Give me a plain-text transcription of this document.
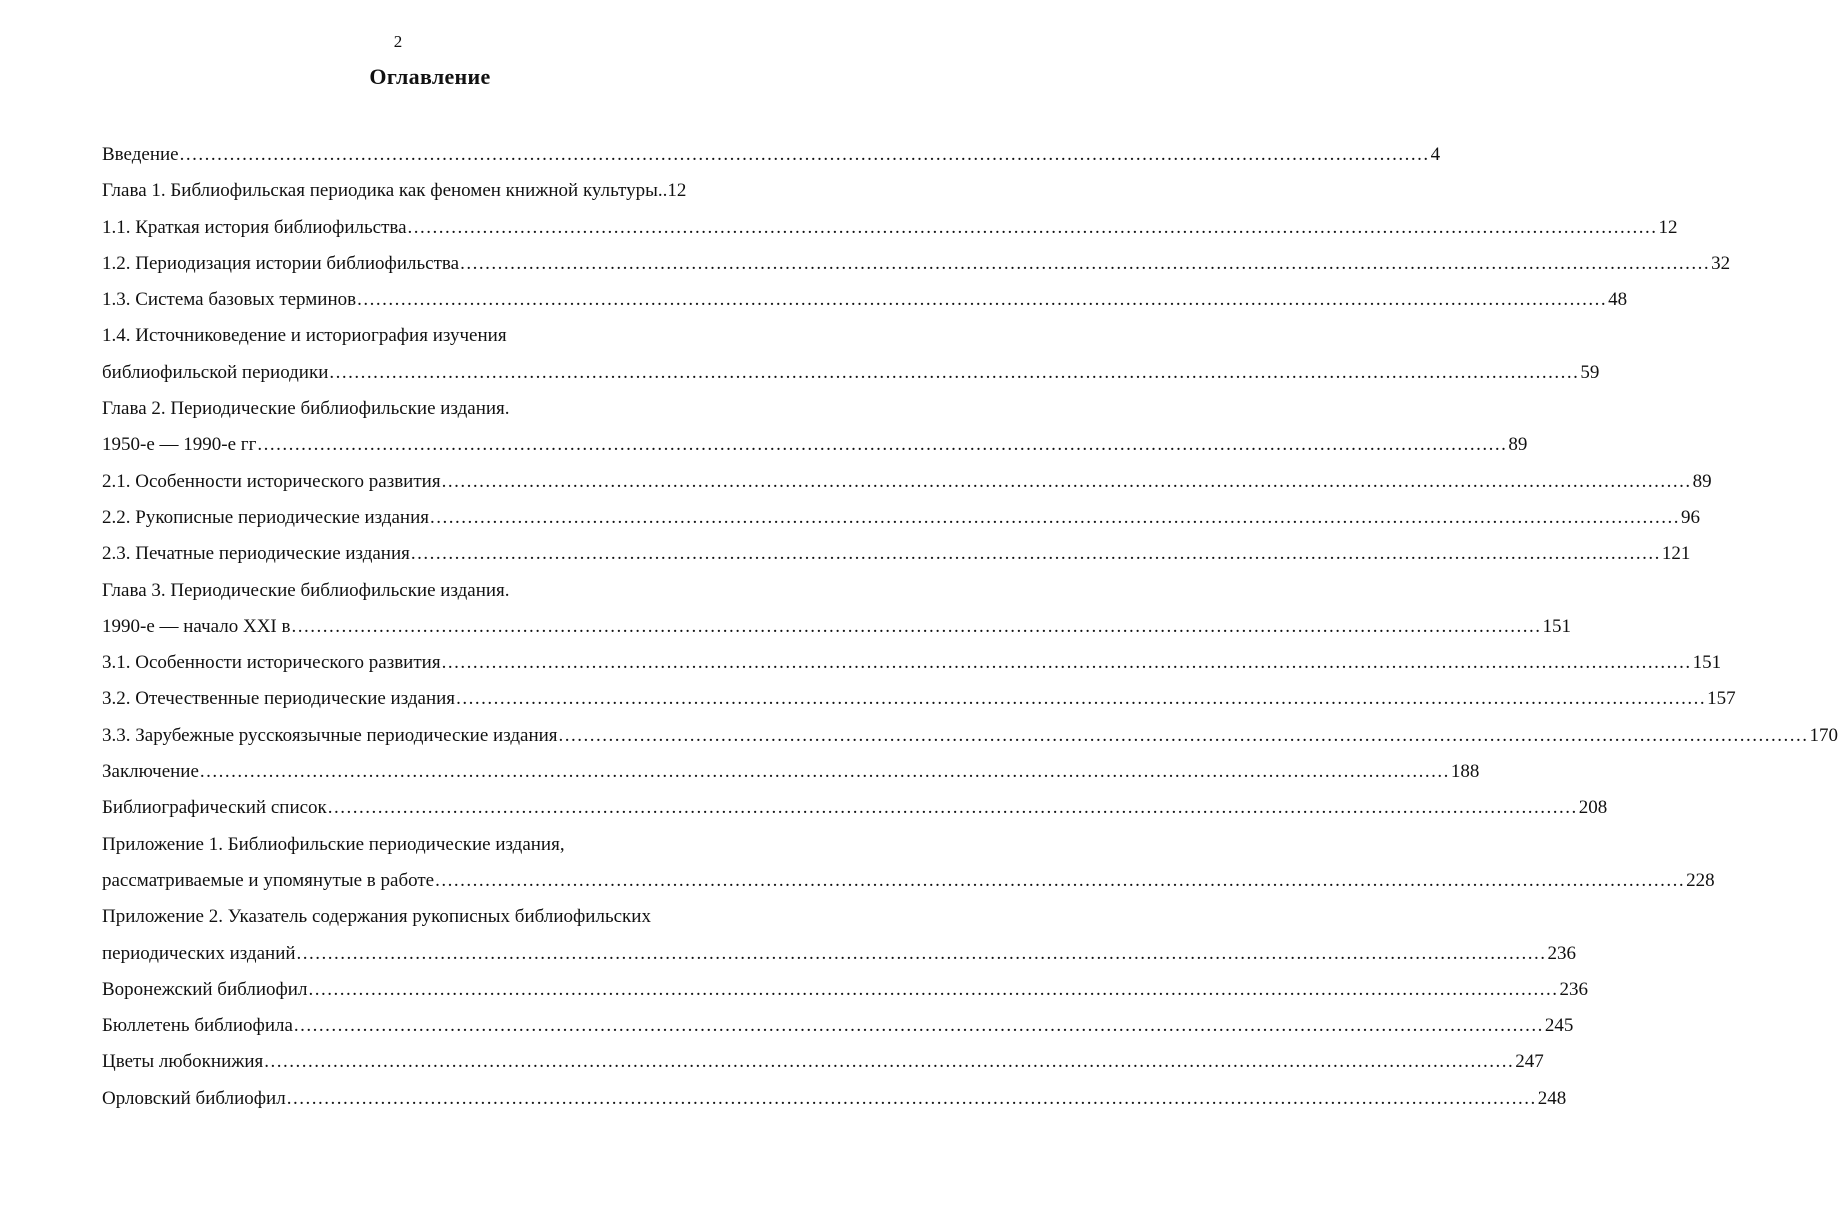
2
Оглавление
Введение ........................................................................................................................................................................................................ 4
Глава 1. Библиофильская периодика как феномен книжной культуры..12
1.1. Краткая история библиофильства ........................................................................................................................................................................................................ 12
1.2. Периодизация истории библиофильства ........................................................................................................................................................................................................ 32
1.3. Система базовых терминов ........................................................................................................................................................................................................ 48
1.4. Источниковедение и историография изучения
библиофильской периодики ........................................................................................................................................................................................................ 59
Глава 2. Периодические библиофильские издания.
1950-е — 1990-е гг ........................................................................................................................................................................................................ 89
2.1. Особенности исторического развития ........................................................................................................................................................................................................ 89
2.2. Рукописные периодические издания ........................................................................................................................................................................................................ 96
2.3. Печатные периодические издания ........................................................................................................................................................................................................ 121
Глава 3. Периодические библиофильские издания.
1990-е — начало XXI в ........................................................................................................................................................................................................ 151
3.1. Особенности исторического развития ........................................................................................................................................................................................................ 151
3.2. Отечественные периодические издания ........................................................................................................................................................................................................ 157
3.3. Зарубежные русскоязычные периодические издания ........................................................................................................................................................................................................ 170
Заключение ........................................................................................................................................................................................................ 188
Библиографический список ........................................................................................................................................................................................................ 208
Приложение 1. Библиофильские периодические издания,
рассматриваемые и упомянутые в работе ........................................................................................................................................................................................................ 228
Приложение 2. Указатель содержания рукописных библиофильских
периодических изданий ........................................................................................................................................................................................................ 236
Воронежский библиофил ........................................................................................................................................................................................................ 236
Бюллетень библиофила ........................................................................................................................................................................................................ 245
Цветы любокнижия ........................................................................................................................................................................................................ 247
Орловский библиофил ........................................................................................................................................................................................................ 248
